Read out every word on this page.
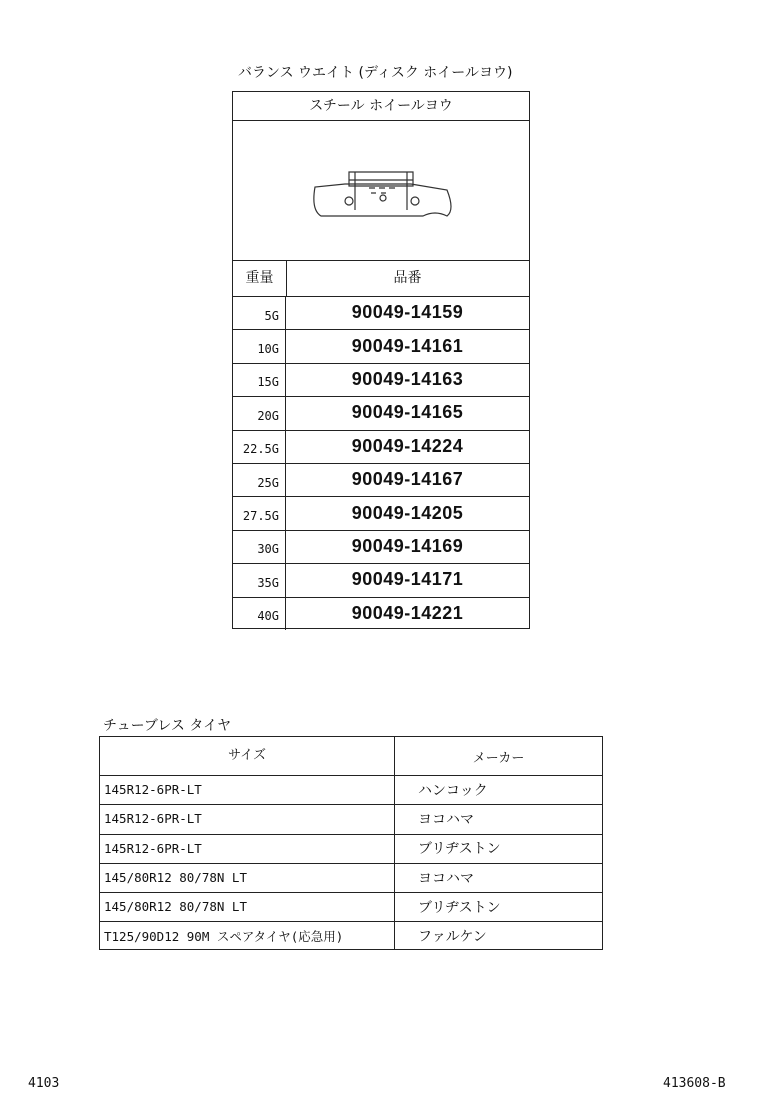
バランス ウエイト (ディスク ホイールヨウ)
スチール ホイールヨウ
重量	品番
5G	90049-14159
10G	90049-14161
15G	90049-14163
20G	90049-14165
22.5G	90049-14224
25G	90049-14167
27.5G	90049-14205
30G	90049-14169
35G	90049-14171
40G	90049-14221
チューブレス タイヤ
サイズ	メーカー
145R12-6PR-LT	ハンコック
145R12-6PR-LT	ヨコハマ
145R12-6PR-LT	ブリヂストン
145/80R12 80/78N LT	ヨコハマ
145/80R12 80/78N LT	ブリヂストン
T125/90D12 90M スペアタイヤ(応急用)	ファルケン
4103	413608-B
